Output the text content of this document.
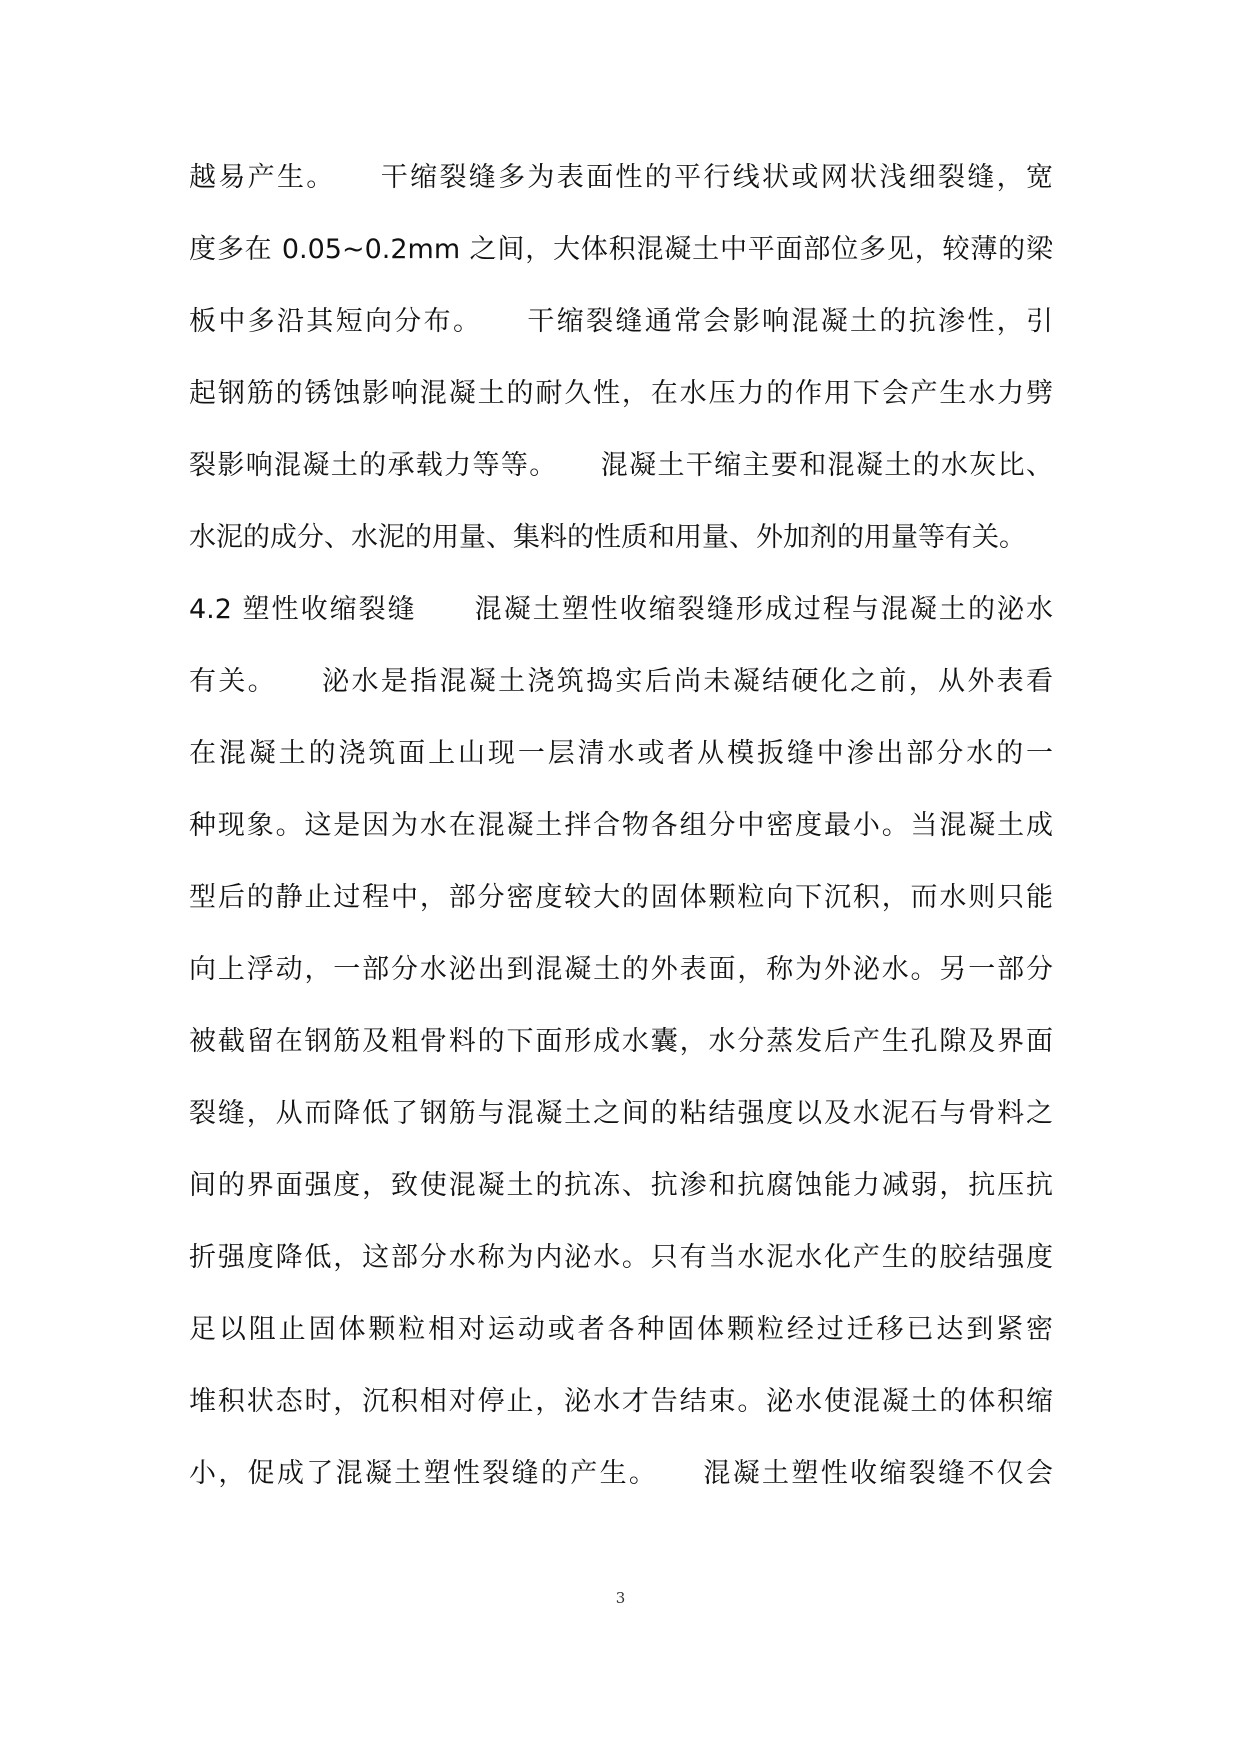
越易产生。　　干缩裂缝多为表面性的平行线状或网状浅细裂缝，宽
度多在 0.05~0.2mm 之间，大体积混凝土中平面部位多见，较薄的梁
板中多沿其短向分布。　　干缩裂缝通常会影响混凝土的抗渗性，引
起钢筋的锈蚀影响混凝土的耐久性，在水压力的作用下会产生水力劈
裂影响混凝土的承载力等等。　　混凝土干缩主要和混凝土的水灰比、
水泥的成分、水泥的用量、集料的性质和用量、外加剂的用量等有关。
4.2 塑性收缩裂缝　　混凝土塑性收缩裂缝形成过程与混凝土的泌水
有关。　　泌水是指混凝土浇筑捣实后尚未凝结硬化之前，从外表看
在混凝土的浇筑面上山现一层清水或者从模扳缝中渗出部分水的一
种现象。这是因为水在混凝土拌合物各组分中密度最小。当混凝土成
型后的静止过程中，部分密度较大的固体颗粒向下沉积，而水则只能
向上浮动，一部分水泌出到混凝土的外表面，称为外泌水。另一部分
被截留在钢筋及粗骨料的下面形成水囊，水分蒸发后产生孔隙及界面
裂缝，从而降低了钢筋与混凝土之间的粘结强度以及水泥石与骨料之
间的界面强度，致使混凝土的抗冻、抗渗和抗腐蚀能力减弱，抗压抗
折强度降低，这部分水称为内泌水。只有当水泥水化产生的胶结强度
足以阻止固体颗粒相对运动或者各种固体颗粒经过迁移已达到紧密
堆积状态时，沉积相对停止，泌水才告结束。泌水使混凝土的体积缩
小，促成了混凝土塑性裂缝的产生。　　混凝土塑性收缩裂缝不仅会
3
